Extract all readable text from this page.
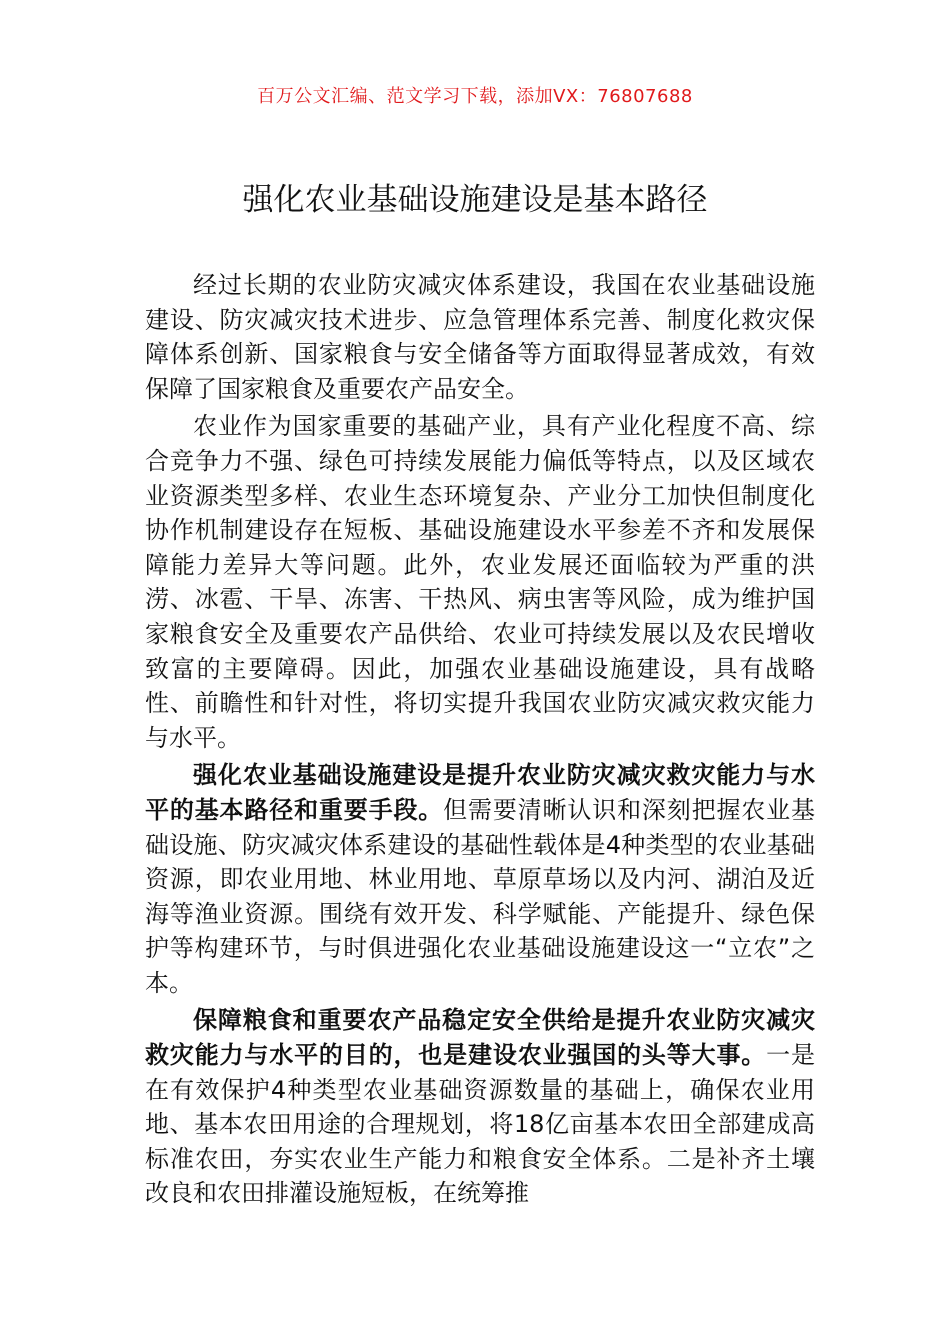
百万公文汇编、范文学习下载，添加VX：76807688
强化农业基础设施建设是基本路径

经过长期的农业防灾减灾体系建设，我国在农业基础设施建设、防灾减灾技术进步、应急管理体系完善、制度化救灾保障体系创新、国家粮食与安全储备等方面取得显著成效，有效保障了国家粮食及重要农产品安全。

农业作为国家重要的基础产业，具有产业化程度不高、综合竞争力不强、绿色可持续发展能力偏低等特点，以及区域农业资源类型多样、农业生态环境复杂、产业分工加快但制度化协作机制建设存在短板、基础设施建设水平参差不齐和发展保障能力差异大等问题。此外，农业发展还面临较为严重的洪涝、冰雹、干旱、冻害、干热风、病虫害等风险，成为维护国家粮食安全及重要农产品供给、农业可持续发展以及农民增收致富的主要障碍。因此，加强农业基础设施建设，具有战略性、前瞻性和针对性，将切实提升我国农业防灾减灾救灾能力与水平。

强化农业基础设施建设是提升农业防灾减灾救灾能力与水平的基本路径和重要手段。但需要清晰认识和深刻把握农业基础设施、防灾减灾体系建设的基础性载体是4种类型的农业基础资源，即农业用地、林业用地、草原草场以及内河、湖泊及近海等渔业资源。围绕有效开发、科学赋能、产能提升、绿色保护等构建环节，与时俱进强化农业基础设施建设这一“立农”之本。

保障粮食和重要农产品稳定安全供给是提升农业防灾减灾救灾能力与水平的目的，也是建设农业强国的头等大事。一是在有效保护4种类型农业基础资源数量的基础上，确保农业用地、基本农田用途的合理规划，将18亿亩基本农田全部建成高标准农田，夯实农业生产能力和粮食安全体系。二是补齐土壤改良和农田排灌设施短板，在统筹推
